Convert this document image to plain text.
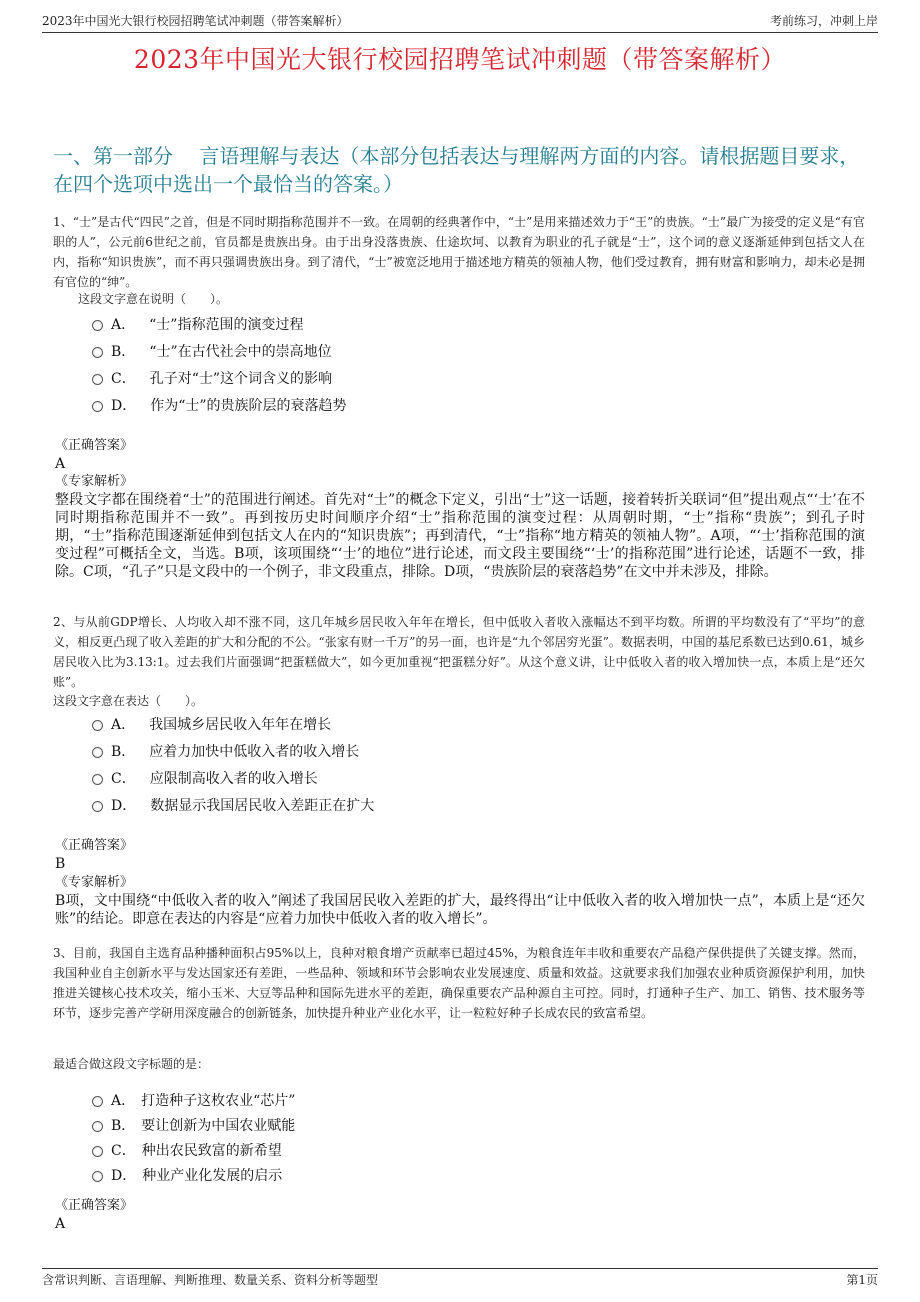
2023年中国光大银行校园招聘笔试冲刺题（带答案解析）	考前练习，冲刺上岸
2023年中国光大银行校园招聘笔试冲刺题（带答案解析）
一、第一部分　 言语理解与表达（本部分包括表达与理解两方面的内容。请根据题目要求，在四个选项中选出一个最恰当的答案。）
1、“士”是古代“四民”之首，但是不同时期指称范围并不一致。在周朝的经典著作中，“士”是用来描述效力于“王”的贵族。“士”最广为接受的定义是“有官职的人”，公元前6世纪之前，官员都是贵族出身。由于出身没落贵族、仕途坎坷、以教育为职业的孔子就是“士”，这个词的意义逐渐延伸到包括文人在内，指称“知识贵族”，而不再只强调贵族出身。到了清代，“士”被宽泛地用于描述地方精英的领袖人物，他们受过教育，拥有财富和影响力，却未必是拥有官位的“绅”。
这段文字意在说明（　　）。
A． “士”指称范围的演变过程
B． “士”在古代社会中的崇高地位
C． 孔子对“士”这个词含义的影响
D． 作为“士”的贵族阶层的衰落趋势
《正确答案》
A
《专家解析》
整段文字都在围绕着“士”的范围进行阐述。首先对“士”的概念下定义，引出“士”这一话题，接着转折关联词“但”提出观点“‘士’在不同时期指称范围并不一致”。再到按历史时间顺序介绍“士”指称范围的演变过程：从周朝时期，“士”指称“贵族”；到孔子时期，“士”指称范围逐渐延伸到包括文人在内的“知识贵族”；再到清代，“士”指称“地方精英的领袖人物”。A项，“‘士’指称范围的演变过程”可概括全文，当选。B项，该项围绕“‘士’的地位”进行论述，而文段主要围绕“‘士’的指称范围”进行论述，话题不一致，排除。C项，“孔子”只是文段中的一个例子，非文段重点，排除。D项，“贵族阶层的衰落趋势”在文中并未涉及，排除。
2、与从前GDP增长、人均收入却不涨不同，这几年城乡居民收入年年在增长，但中低收入者收入涨幅达不到平均数。所谓的平均数没有了“平均”的意义，相反更凸现了收入差距的扩大和分配的不公。“张家有财一千万”的另一面，也许是“九个邻居穷光蛋”。数据表明，中国的基尼系数已达到0.61，城乡居民收入比为3.13:1。过去我们片面强调“把蛋糕做大”，如今更加重视“把蛋糕分好”。从这个意义讲，让中低收入者的收入增加快一点，本质上是“还欠账”。
这段文字意在表达（　　）。
A． 我国城乡居民收入年年在增长
B． 应着力加快中低收入者的收入增长
C． 应限制高收入者的收入增长
D． 数据显示我国居民收入差距正在扩大
《正确答案》
B
《专家解析》
B项，文中围绕“中低收入者的收入”阐述了我国居民收入差距的扩大，最终得出“让中低收入者的收入增加快一点”，本质上是“还欠账”的结论。即意在表达的内容是“应着力加快中低收入者的收入增长”。
3、目前，我国自主选育品种播种面积占95%以上，良种对粮食增产贡献率已超过45%，为粮食连年丰收和重要农产品稳产保供提供了关键支撑。然而，我国种业自主创新水平与发达国家还有差距，一些品种、领域和环节会影响农业发展速度、质量和效益。这就要求我们加强农业种质资源保护利用，加快推进关键核心技术攻关，缩小玉米、大豆等品种和国际先进水平的差距，确保重要农产品种源自主可控。同时，打通种子生产、加工、销售、技术服务等环节，逐步完善产学研用深度融合的创新链条，加快提升种业产业化水平，让一粒粒好种子长成农民的致富希望。
最适合做这段文字标题的是：
A． 打造种子这枚农业“芯片”
B． 要让创新为中国农业赋能
C． 种出农民致富的新希望
D． 种业产业化发展的启示
《正确答案》
A
含常识判断、言语理解、判断推理、数量关系、资料分析等题型	第1页
